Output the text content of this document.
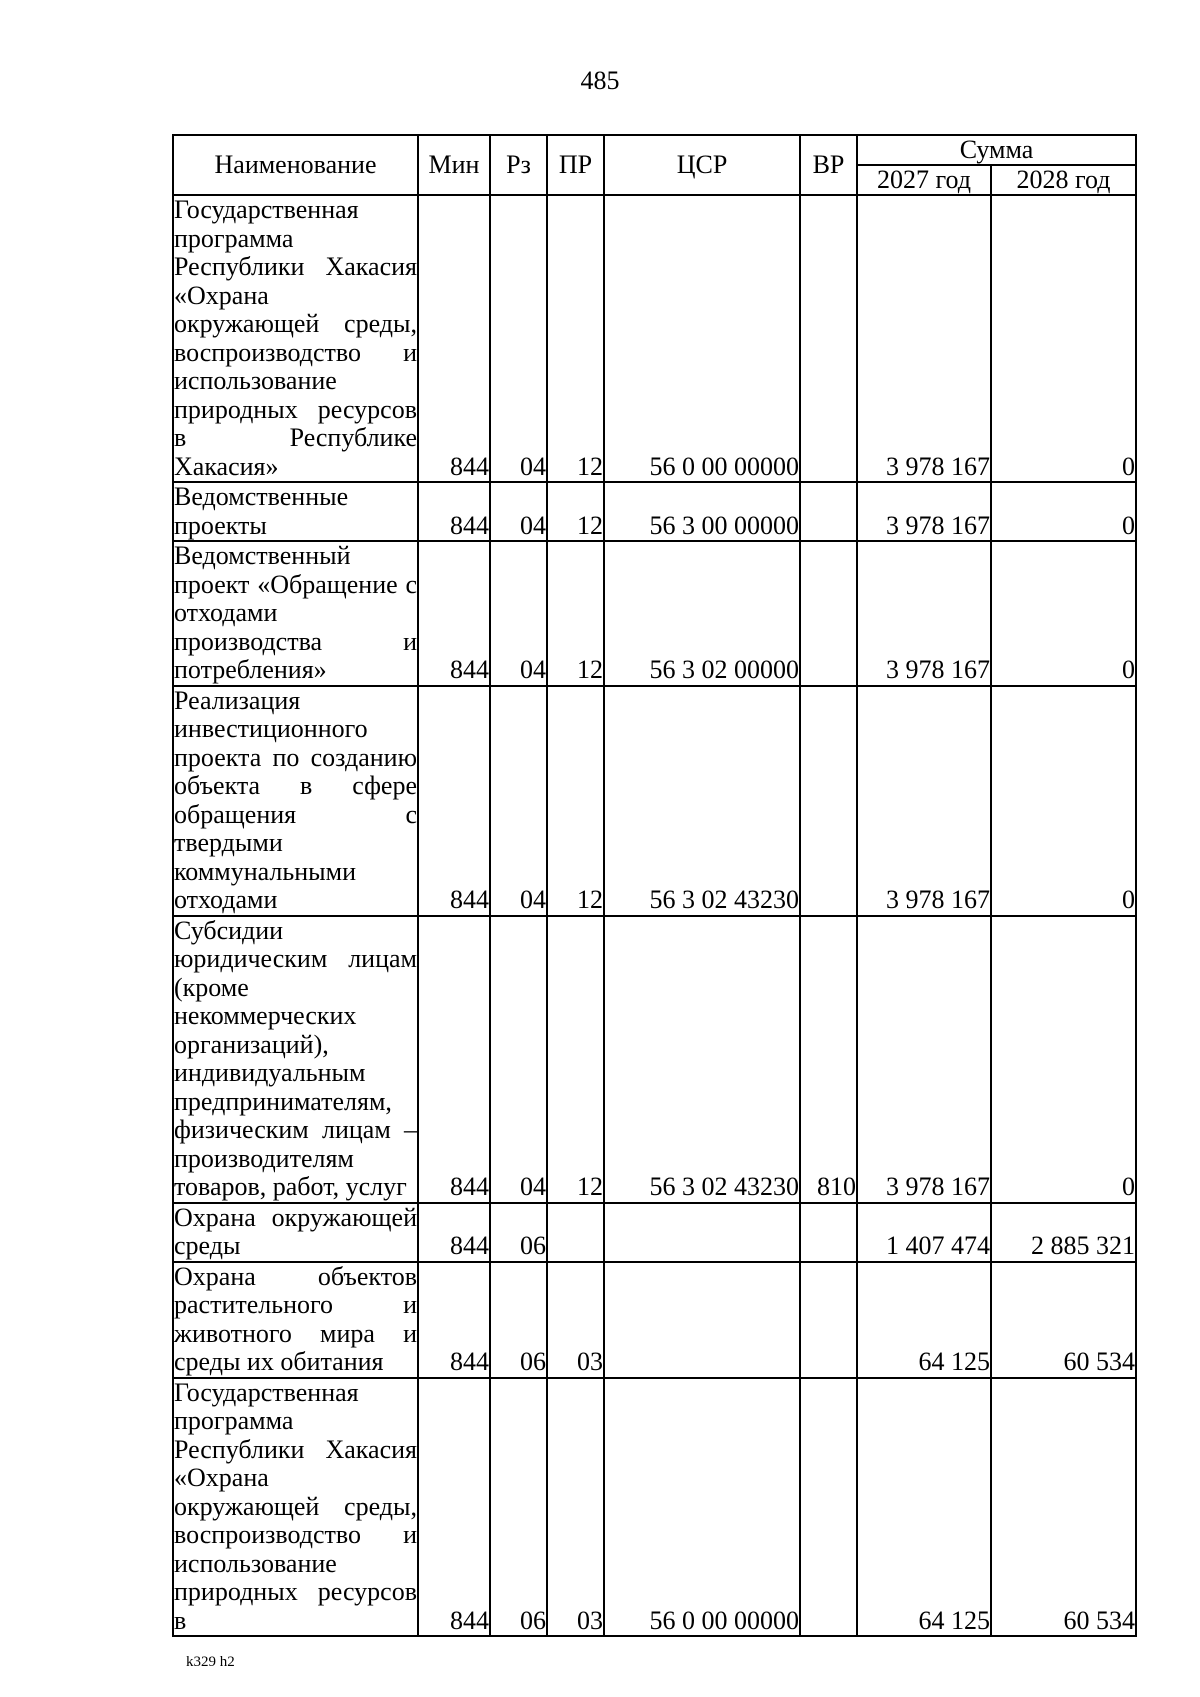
485
Наименование	Мин	Рз	ПР	ЦСР	ВР	Сумма	
						2027 год	2028 год
Государственная программа Республики Хакасия «Охрана окружающей среды, воспроизводство и использование природных ресурсов в Республике Хакасия»	844	04	12	56 0 00 00000		3 978 167	0
Ведомственные проекты	844	04	12	56 3 00 00000		3 978 167	0
Ведомственный проект «Обращение с отходами производства и потребления»	844	04	12	56 3 02 00000		3 978 167	0
Реализация инвестиционного проекта по созданию объекта в сфере обращения с твердыми коммунальными отходами	844	04	12	56 3 02 43230		3 978 167	0
Субсидии юридическим лицам (кроме некоммерческих организаций), индивидуальным предпринимателям, физическим лицам – производителям товаров, работ, услуг	844	04	12	56 3 02 43230	810	3 978 167	0
Охрана окружающей среды	844	06				1 407 474	2 885 321
Охрана объектов растительного и животного мира и среды их обитания	844	06	03			64 125	60 534
Государственная программа Республики Хакасия «Охрана окружающей среды, воспроизводство и использование природных ресурсов в	844	06	03	56 0 00 00000		64 125	60 534
k329 h2
